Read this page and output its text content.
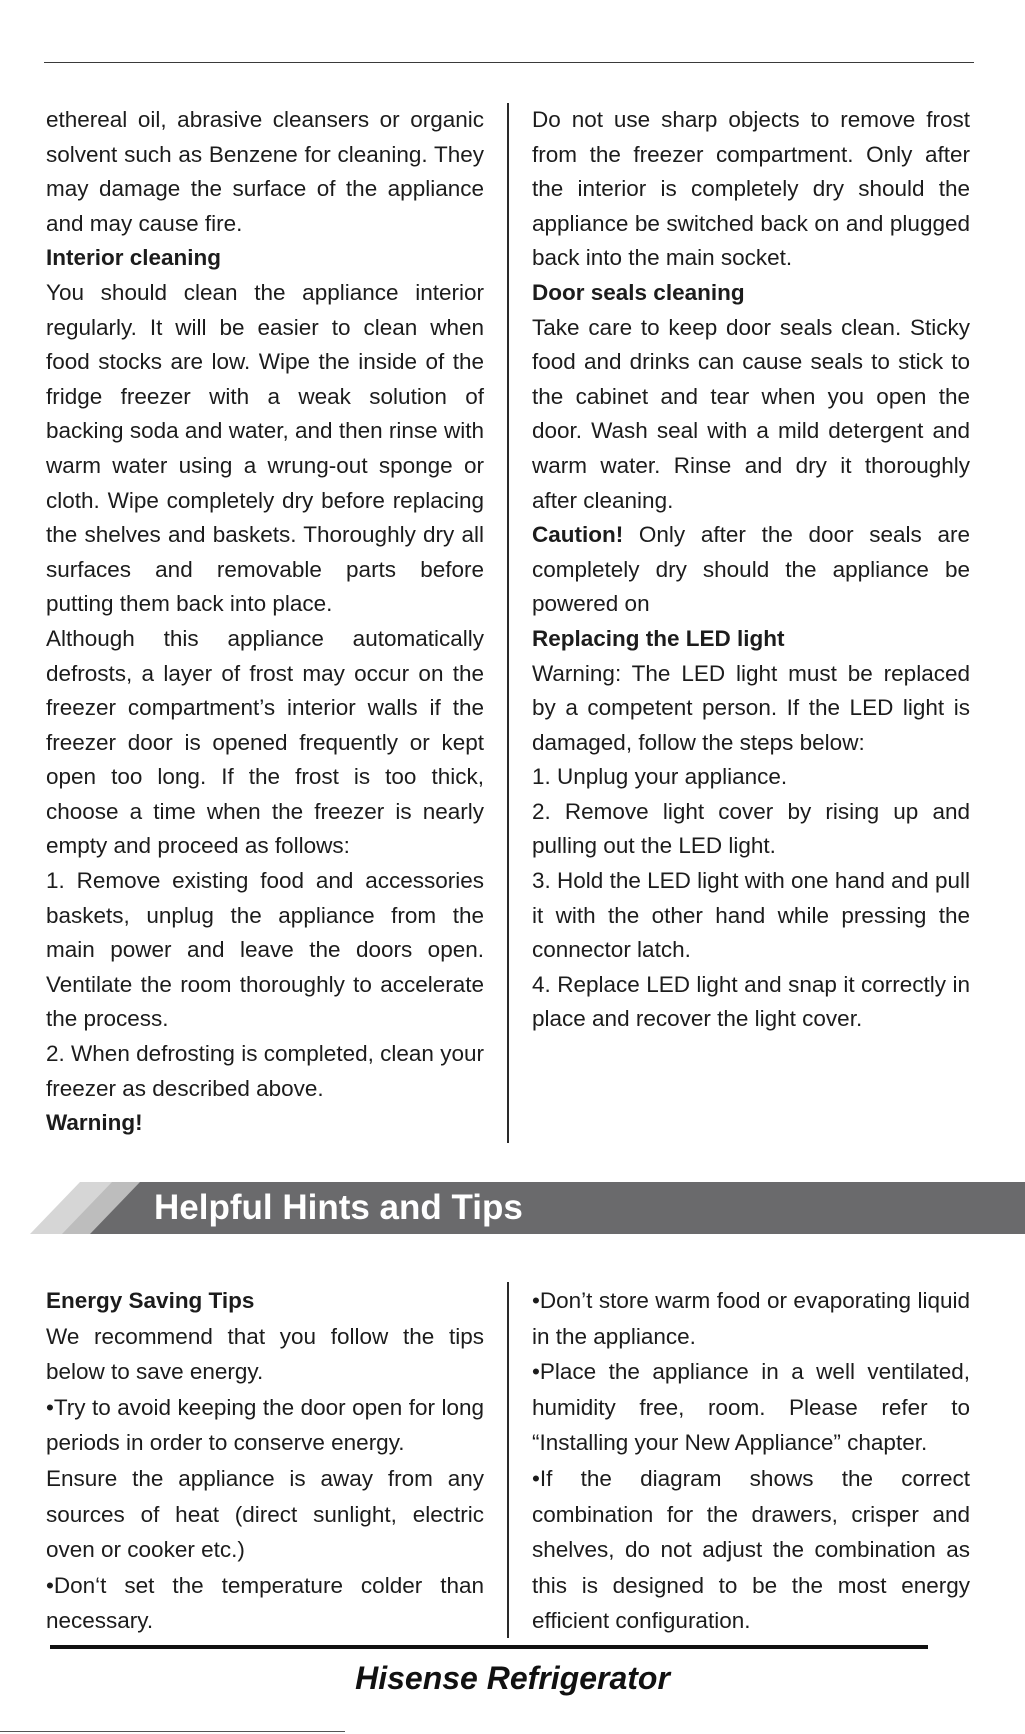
ethereal oil, abrasive cleansers or organic solvent such as Benzene for cleaning. They may damage the surface of the appliance and may cause fire.

Interior cleaning

You should clean the appliance interior regularly. It will be easier to clean when food stocks are low. Wipe the inside of the fridge freezer with a weak solution of backing soda and water, and then rinse with warm water using a wrung-out sponge or cloth. Wipe completely dry before replacing the shelves and baskets. Thoroughly dry all surfaces and removable parts before putting them back into place.

Although this appliance automatically defrosts, a layer of frost may occur on the freezer compartment’s interior walls if the freezer door is opened frequently or kept open too long. If the frost is too thick, choose a time when the freezer is nearly empty and proceed as follows:

1. Remove existing food and accessories baskets, unplug the appliance from the main power and leave the doors open. Ventilate the room thoroughly to accelerate the process.

2. When defrosting is completed, clean your freezer as described above.

Warning!

Do not use sharp objects to remove frost from the freezer compartment. Only after the interior is completely dry should the appliance be switched back on and plugged back into the main socket.

Door seals cleaning

Take care to keep door seals clean. Sticky food and drinks can cause seals to stick to the cabinet and tear when you open the door. Wash seal with a mild detergent and warm water. Rinse and dry it thoroughly after cleaning.

Caution! Only after the door seals are completely dry should the appliance be powered on

Replacing the LED light

Warning: The LED light must be replaced by a competent person. If the LED light is damaged, follow the steps below:

1. Unplug your appliance.

2. Remove light cover by rising up and pulling out the LED light.

3. Hold the LED light with one hand and pull it with the other hand while pressing the connector latch.

4. Replace LED light and snap it correctly in place and recover the light cover.

Helpful Hints and Tips

Energy Saving Tips

We recommend that you follow the tips below to save energy.

•Try to avoid keeping the door open for long periods in order to conserve energy.

Ensure the appliance is away from any sources of heat (direct sunlight, electric oven or cooker etc.)

•Don‘t set the temperature colder than necessary.

•Don’t store warm food or evaporating liquid in the appliance.

•Place the appliance in a well ventilated, humidity free, room. Please refer to “Installing your New Appliance” chapter.

•If the diagram shows the correct combination for the drawers, crisper and shelves, do not adjust the combination as this is designed to be the most energy efficient configuration.

Hisense Refrigerator
